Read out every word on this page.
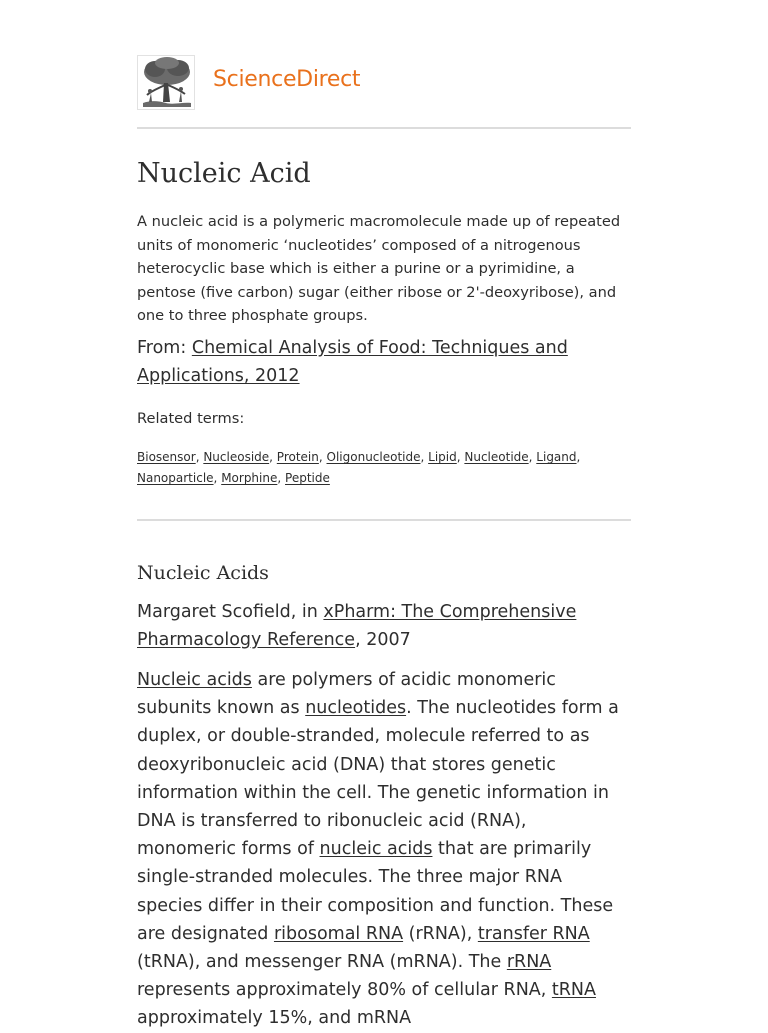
ScienceDirect
Nucleic Acid

A nucleic acid is a polymeric macromolecule made up of repeated units of monomeric ‘nucleotides’ composed of a nitrogenous heterocyclic base which is either a purine or a pyrimidine, a pentose (five carbon) sugar (either ribose or 2'-deoxyribose), and one to three phosphate groups.

From: Chemical Analysis of Food: Techniques and Applications, 2012

Related terms:

Biosensor, Nucleoside, Protein, Oligonucleotide, Lipid, Nucleotide, Ligand, Nanoparticle, Morphine, Peptide

Nucleic Acids

Margaret Scofield, in xPharm: The Comprehensive Pharmacology Reference, 2007

Nucleic acids are polymers of acidic monomeric subunits known as nucleotides. The nucleotides form a duplex, or double-stranded, molecule referred to as deoxyribonucleic acid (DNA) that stores genetic information within the cell. The genetic information in DNA is transferred to ribonucleic acid (RNA), monomeric forms of nucleic acids that are primarily single-stranded molecules. The three major RNA species differ in their composition and function. These are designated ribosomal RNA (rRNA), transfer RNA (tRNA), and messenger RNA (mRNA). The rRNA represents approximately 80% of cellular RNA, tRNA approximately 15%, and mRNA
